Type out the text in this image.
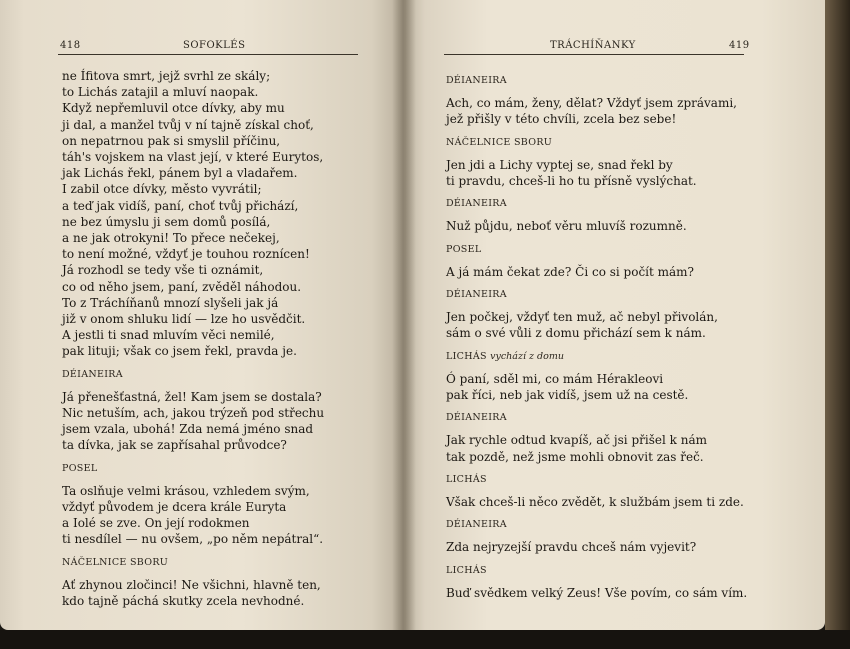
418	SOFOKLÉS
ne Ífitova smrt, jejž svrhl ze skály;
to Lichás zatajil a mluví naopak.
Když nepřemluvil otce dívky, aby mu
ji dal, a manžel tvůj v ní tajně získal choť,
on nepatrnou pak si smyslil příčinu,
táh's vojskem na vlast její, v které Eurytos,
jak Lichás řekl, pánem byl a vladařem.
I zabil otce dívky, město vyvrátil;
a teď jak vidíš, paní, choť tvůj přichází,
ne bez úmyslu ji sem domů posílá,
a ne jak otrokyni! To přece nečekej,
to není možné, vždyť je touhou roznícen!
Já rozhodl se tedy vše ti oznámit,
co od něho jsem, paní, zvěděl náhodou.
To z Tráchíňanů mnozí slyšeli jak já
již v onom shluku lidí — lze ho usvědčit.
A jestli ti snad mluvím věci nemilé,
pak lituji; však co jsem řekl, pravda je.
DÉIANEIRA
Já přenešťastná, žel! Kam jsem se dostala?
Nic netuším, ach, jakou trýzeň pod střechu
jsem vzala, ubohá! Zda nemá jméno snad
ta dívka, jak se zapřísahal průvodce?
POSEL
Ta oslňuje velmi krásou, vzhledem svým,
vždyť původem je dcera krále Euryta
a Iolé se zve. On její rodokmen
ti nesdílel — nu ovšem, „po něm nepátral“.
NÁČELNICE SBORU
Ať zhynou zločinci! Ne všichni, hlavně ten,
kdo tajně páchá skutky zcela nevhodné.
TRÁCHÍŇANKY	419
DÉIANEIRA
Ach, co mám, ženy, dělat? Vždyť jsem zprávami,
jež přišly v této chvíli, zcela bez sebe!
NÁČELNICE SBORU
Jen jdi a Lichy vyptej se, snad řekl by
ti pravdu, chceš-li ho tu přísně vyslýchat.
DÉIANEIRA
Nuž půjdu, neboť věru mluvíš rozumně.
POSEL
A já mám čekat zde? Či co si počít mám?
DÉIANEIRA
Jen počkej, vždyť ten muž, ač nebyl přivolán,
sám o své vůli z domu přichází sem k nám.
LICHÁS vychází z domu
Ó paní, sděl mi, co mám Hérakleovi
pak říci, neb jak vidíš, jsem už na cestě.
DÉIANEIRA
Jak rychle odtud kvapíš, ač jsi přišel k nám
tak pozdě, než jsme mohli obnovit zas řeč.
LICHÁS
Však chceš-li něco zvědět, k službám jsem ti zde.
DÉIANEIRA
Zda nejryzejší pravdu chceš nám vyjevit?
LICHÁS
Buď svědkem velký Zeus! Vše povím, co sám vím.
